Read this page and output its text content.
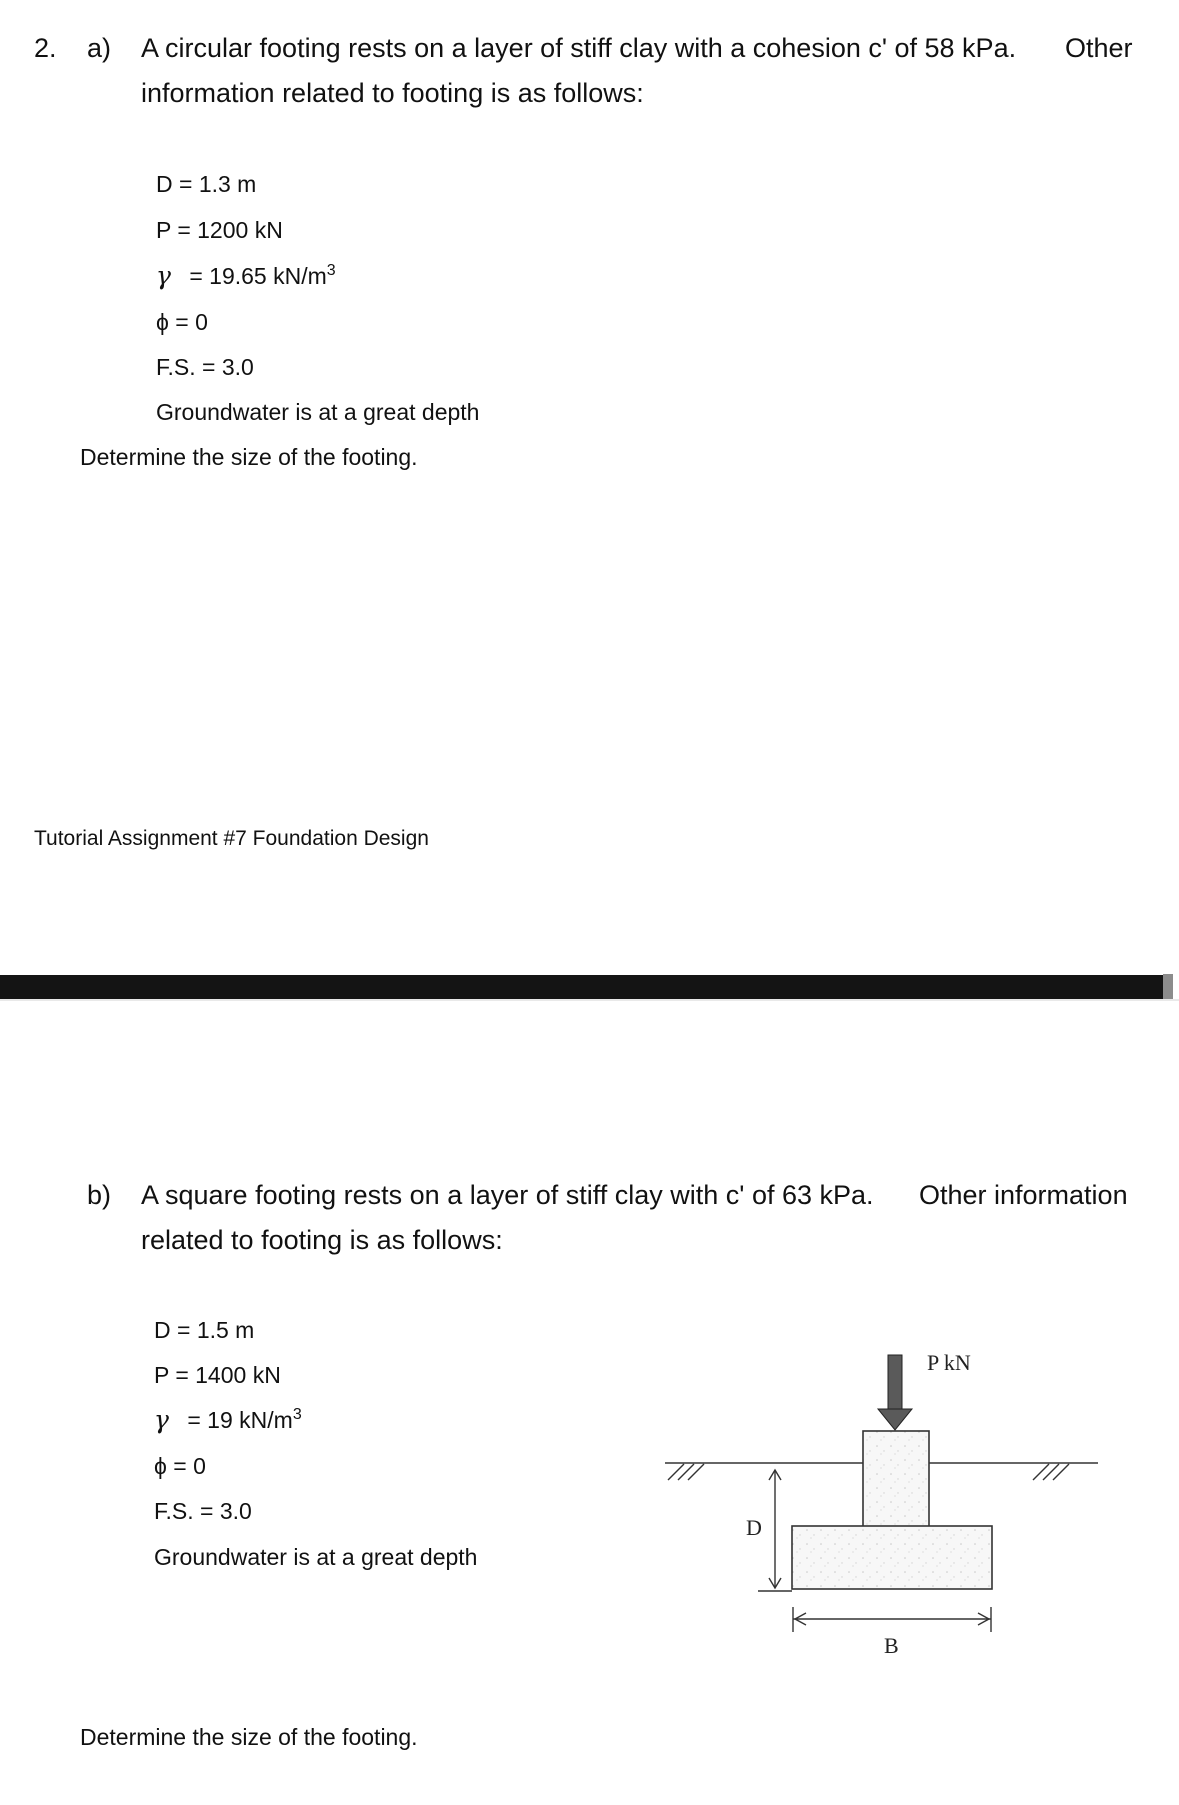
2. a) A circular footing rests on a layer of stiff clay with a cohesion c' of 58 kPa. Other
information related to footing is as follows:
D = 1.3 m
P = 1200 kN
γ = 19.65 $kN/m^3$
ϕ = 0
F.S. = 3.0
Groundwater is at a great depth
Determine the size of the footing.
Tutorial Assignment #7 Foundation Design
b) A square footing rests on a layer of stiff clay with c' of 63 kPa. Other information
related to footing is as follows:
D = 1.5 m
P = 1400 kN
γ = 19 $kN/m^3$
ϕ = 0
F.S. = 3.0
Groundwater is at a great depth
Determine the size of the footing.
P kN
D
B
